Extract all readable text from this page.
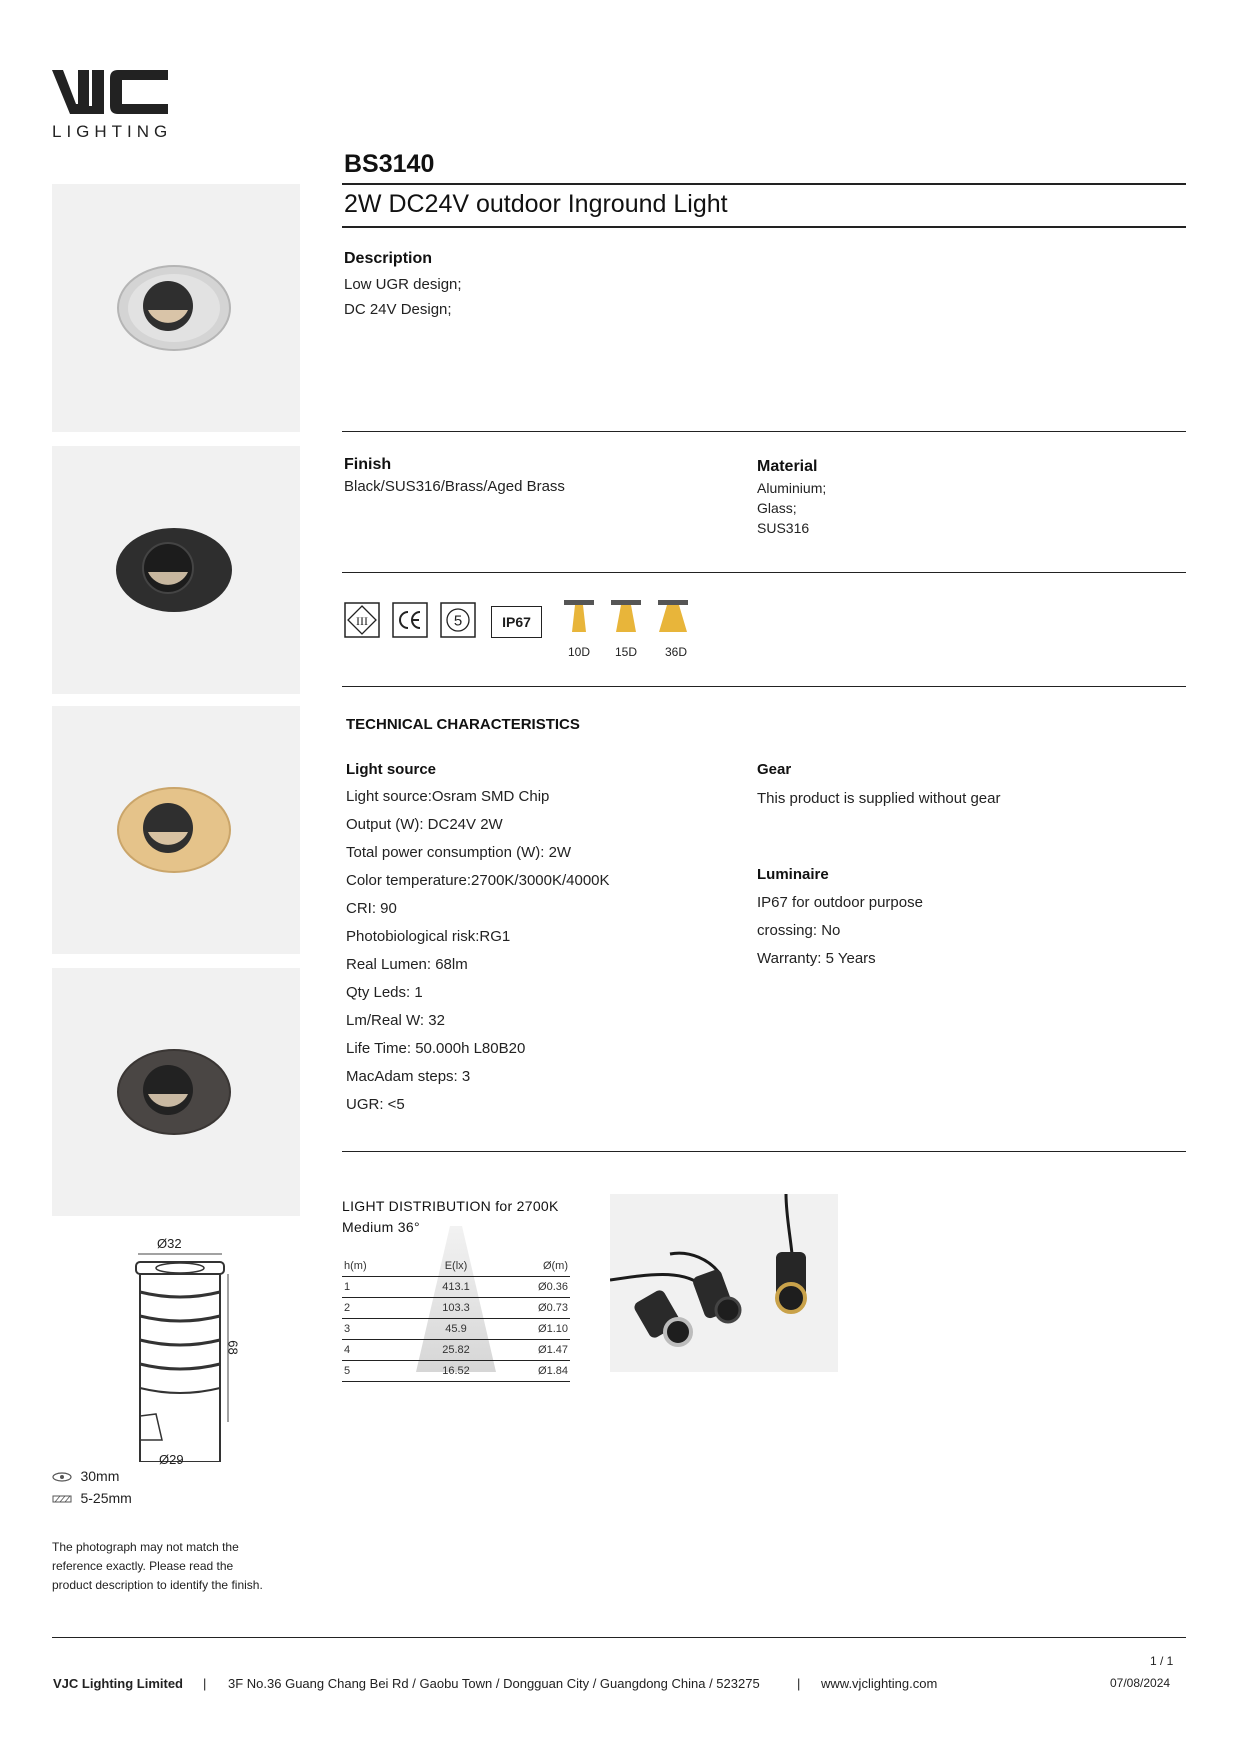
LIGHTING
Ø32
68
Ø29
30mm
5-25mm
The photograph may not match the
reference exactly. Please read the
product description to identify the finish.
BS3140
2W DC24V outdoor Inground Light
Description
Low UGR design;
DC 24V Design;
Finish
Black/SUS316/Brass/Aged Brass
Material
Aluminium;
Glass;
SUS316
III	5	IP67
10D	15D	36D
TECHNICAL CHARACTERISTICS
Light source
Light source:Osram SMD Chip
Output (W): DC24V 2W
Total power consumption (W): 2W
Color temperature:2700K/3000K/4000K
CRI: 90
Photobiological risk:RG1
Real Lumen: 68lm
Qty Leds: 1
Lm/Real W: 32
Life Time: 50.000h L80B20
MacAdam steps: 3
UGR: <5
Gear
This product is supplied without gear
Luminaire
IP67 for outdoor purpose
crossing: No
Warranty: 5 Years
LIGHT DISTRIBUTION for 2700K
Medium 36°
h(m)	E(lx)	Ø(m)
1	413.1	Ø0.36
2	103.3	Ø0.73
3	45.9	Ø1.10
4	25.82	Ø1.47
5	16.52	Ø1.84
1 / 1
VJC Lighting Limited | 3F No.36 Guang Chang Bei Rd / Gaobu Town / Dongguan City / Guangdong China / 523275	| www.vjclighting.com	07/08/2024
